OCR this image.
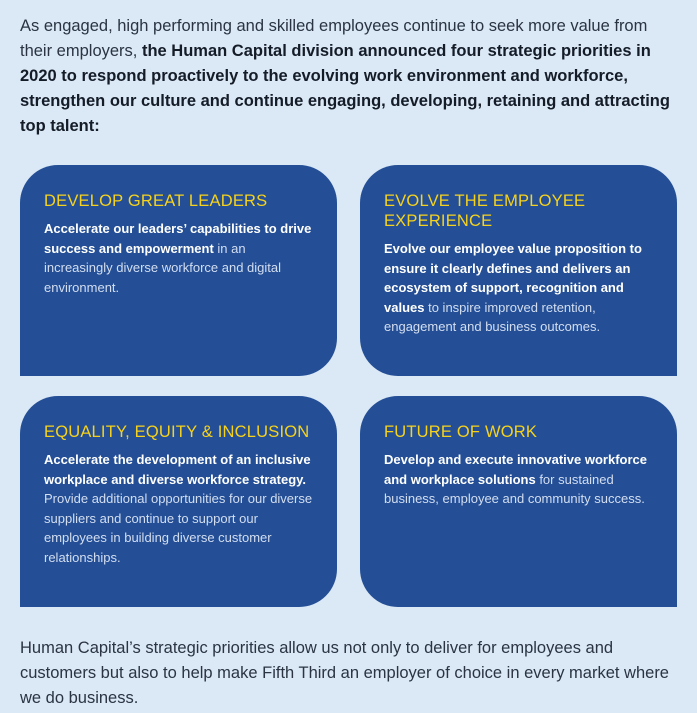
As engaged, high performing and skilled employees continue to seek more value from their employers, the Human Capital division announced four strategic priorities in 2020 to respond proactively to the evolving work environment and workforce, strengthen our culture and continue engaging, developing, retaining and attracting top talent:

DEVELOP GREAT LEADERS
Accelerate our leaders’ capabilities to drive success and empowerment in an increasingly diverse workforce and digital environment.
EVOLVE THE EMPLOYEE EXPERIENCE
Evolve our employee value proposition to ensure it clearly defines and delivers an ecosystem of support, recognition and values to inspire improved retention, engagement and business outcomes.
EQUALITY, EQUITY & INCLUSION
Accelerate the development of an inclusive workplace and diverse workforce strategy. Provide additional opportunities for our diverse suppliers and continue to support our employees in building diverse customer relationships.
FUTURE OF WORK
Develop and execute innovative workforce and workplace solutions for sustained business, employee and community success.

Human Capital’s strategic priorities allow us not only to deliver for employees and customers but also to help make Fifth Third an employer of choice in every market where we do business.
